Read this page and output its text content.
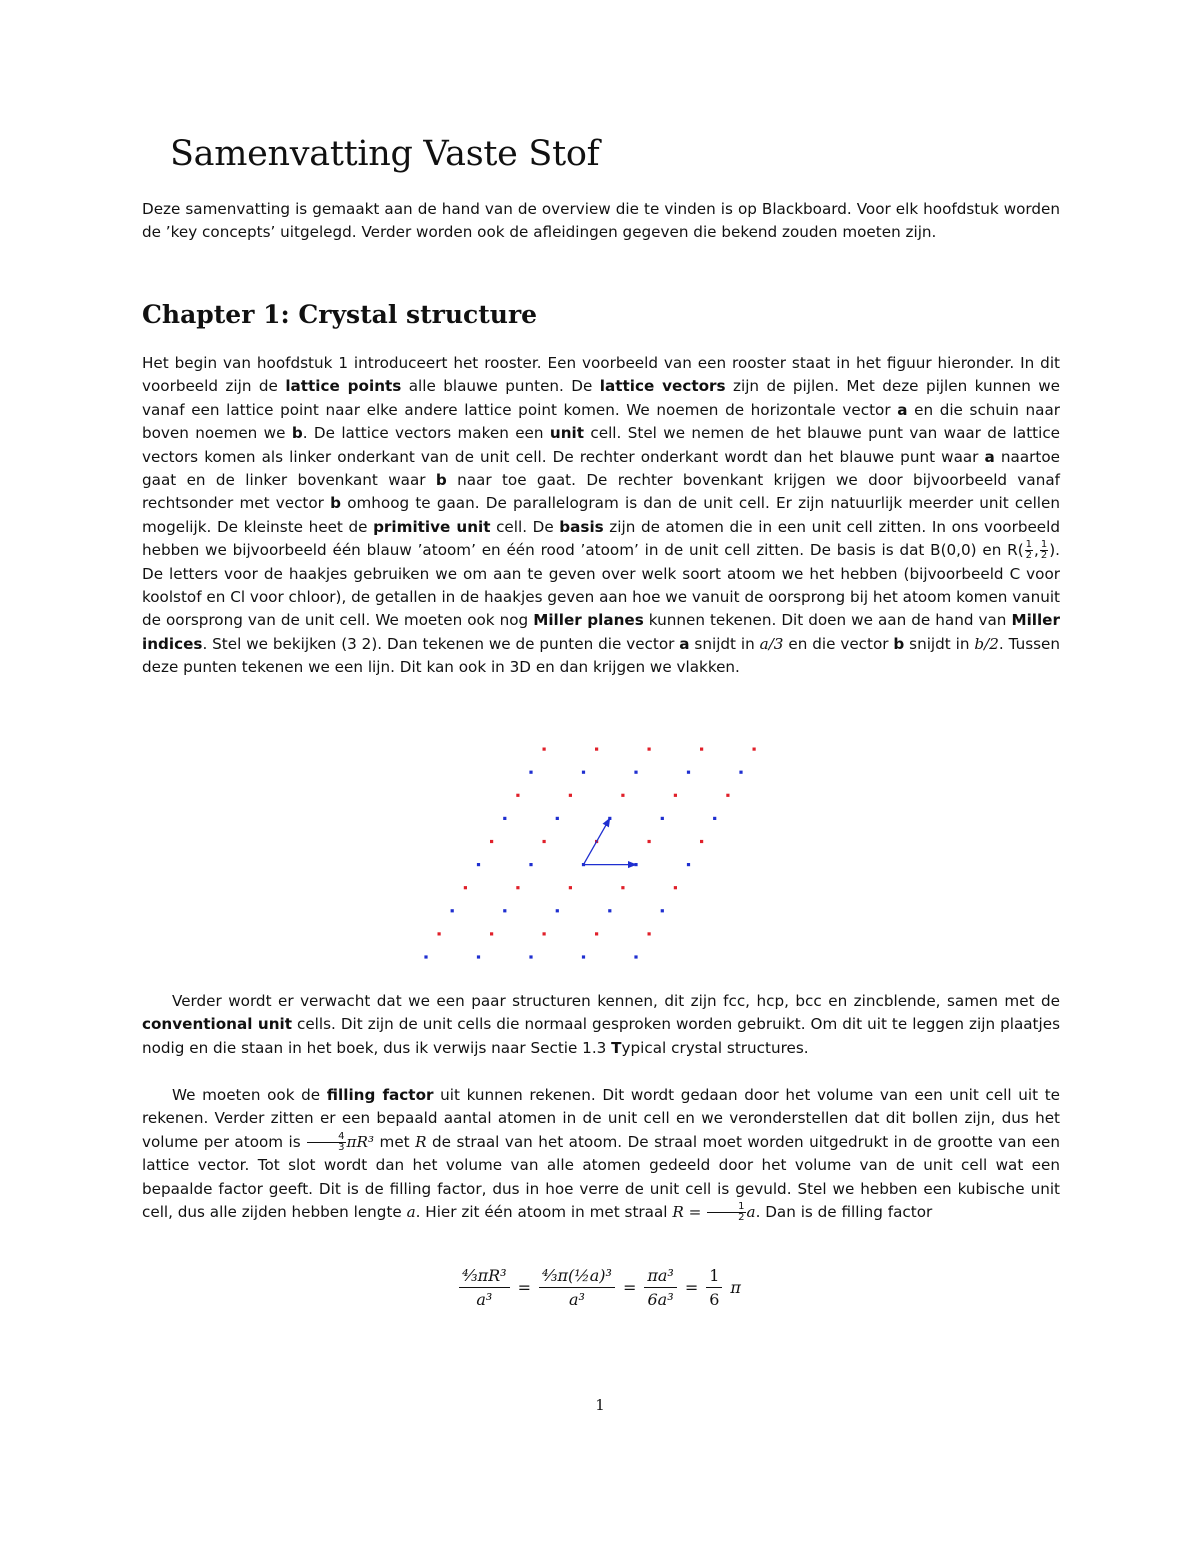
Samenvatting Vaste Stof

Deze samenvatting is gemaakt aan de hand van de overview die te vinden is op Blackboard. Voor elk hoofdstuk worden de ’key concepts’ uitgelegd. Verder worden ook de afleidingen gegeven die bekend zouden moeten zijn.

Chapter 1: Crystal structure

Het begin van hoofdstuk 1 introduceert het rooster. Een voorbeeld van een rooster staat in het figuur hieronder. In dit voorbeeld zijn de lattice points alle blauwe punten. De lattice vectors zijn de pijlen. Met deze pijlen kunnen we vanaf een lattice point naar elke andere lattice point komen. We noemen de horizontale vector a en die schuin naar boven noemen we b. De lattice vectors maken een unit cell. Stel we nemen de het blauwe punt van waar de lattice vectors komen als linker onderkant van de unit cell. De rechter onderkant wordt dan het blauwe punt waar a naartoe gaat en de linker bovenkant waar b naar toe gaat. De rechter bovenkant krijgen we door bijvoorbeeld vanaf rechtsonder met vector b omhoog te gaan. De parallelogram is dan de unit cell. Er zijn natuurlijk meerder unit cellen mogelijk. De kleinste heet de primitive unit cell. De basis zijn de atomen die in een unit cell zitten. In ons voorbeeld hebben we bijvoorbeeld één blauw ’atoom’ en één rood ’atoom’ in de unit cell zitten. De basis is dat B(0,0) en $R( \frac{1}{2}$ , $\frac{1}{2}$ ). De letters voor de haakjes gebruiken we om aan te geven over welk soort atoom we het hebben (bijvoorbeeld C voor koolstof en Cl voor chloor), de getallen in de haakjes geven aan hoe we vanuit de oorsprong bij het atoom komen vanuit de oorsprong van de unit cell. We moeten ook nog Miller planes kunnen tekenen. Dit doen we aan de hand van Miller indices. Stel we bekijken (3 2). Dan tekenen we de punten die vector a snijdt in a/3 en die vector b snijdt in b/2. Tussen deze punten tekenen we een lijn. Dit kan ook in 3D en dan krijgen we vlakken.

Verder wordt er verwacht dat we een paar structuren kennen, dit zijn fcc, hcp, bcc en zincblende, samen met de conventional unit cells. Dit zijn de unit cells die normaal gesproken worden gebruikt. Om dit uit te leggen zijn plaatjes nodig en die staan in het boek, dus ik verwijs naar Sectie 1.3 Typical crystal structures.

We moeten ook de filling factor uit kunnen rekenen. Dit wordt gedaan door het volume van een unit cell uit te rekenen. Verder zitten er een bepaald aantal atomen in de unit cell en we veronderstellen dat dit bollen zijn, dus het volume per atoom is $\frac{4}{3} \pi R^3$ met R de straal van het atoom. De straal moet worden uitgedrukt in de grootte van een lattice vector. Tot slot wordt dan het volume van alle atomen gedeeld door het volume van de unit cell wat een bepaalde factor geeft. Dit is de filling factor, dus in hoe verre de unit cell is gevuld. Stel we hebben een kubische unit cell, dus alle zijden hebben lengte a. Hier zit één atoom in met straal $R = \frac{1}{2} a$. Dan is de filling factor

$\frac{\text{⁴⁄₃πR³}}{\text{a³}} = \frac{\text{⁴⁄₃π(½a)³}}{\text{a³}} = \frac{\text{πa³}}{\text{6a³}} = \frac{1}{6}$ π
1
